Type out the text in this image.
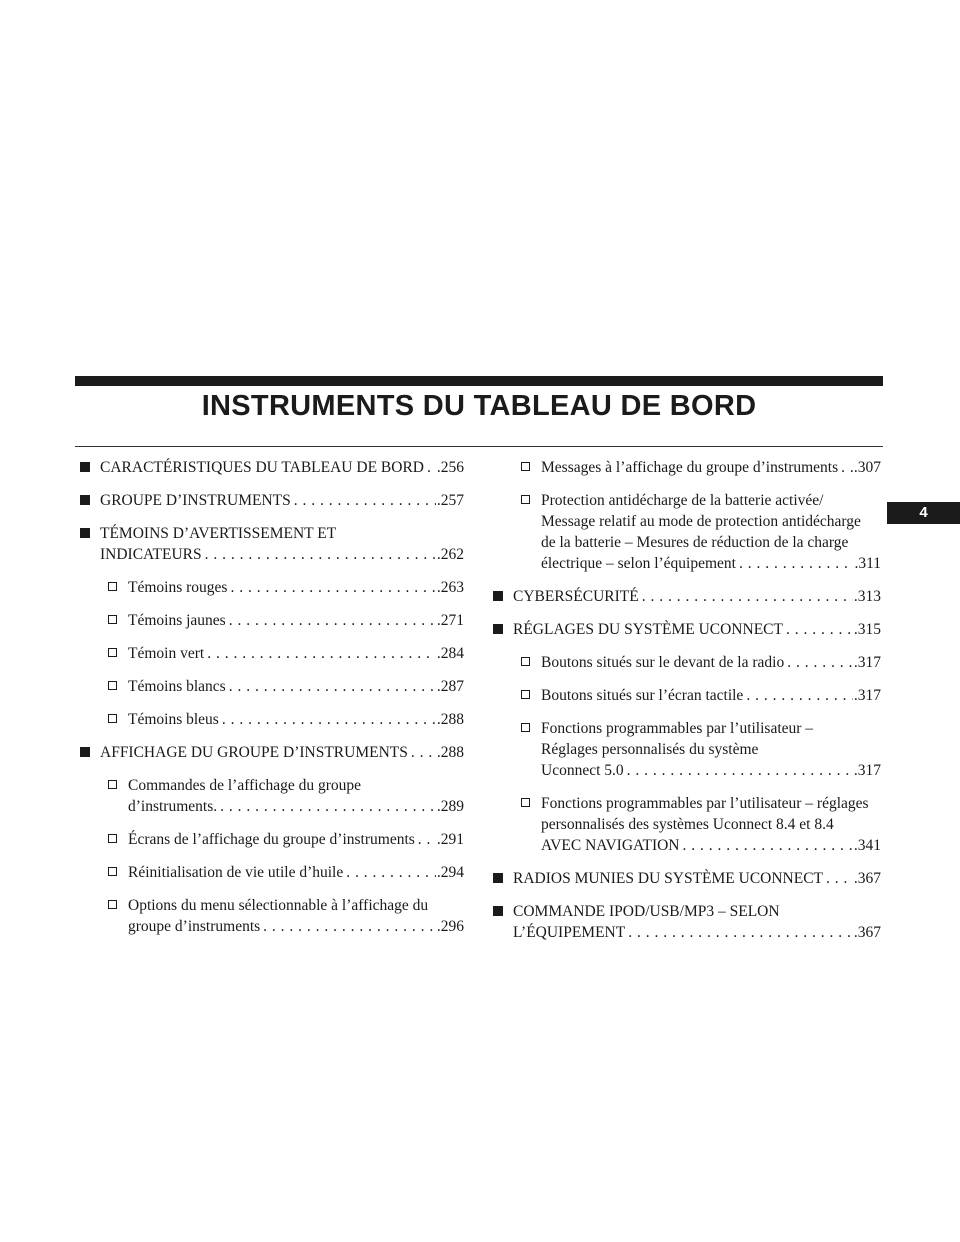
INSTRUMENTS DU TABLEAU DE BORD
4
CARACTÉRISTIQUES DU TABLEAU DE BORD . . . .256
GROUPE D’INSTRUMENTS . . .	.257
TÉMOINS D’AVERTISSEMENT ET
INDICATEURS . . .	.262
Témoins rouges . . .	.263
Témoins jaunes . . .	.271
Témoin vert . . .	.284
Témoins blancs . . .	.287
Témoins bleus . . .	.288
AFFICHAGE DU GROUPE D’INSTRUMENTS . . . .288
Commandes de l’affichage du groupe
d’instruments. . . .	.289
Écrans de l’affichage du groupe d’instruments . . . .291
Réinitialisation de vie utile d’huile . . .	.294
Options du menu sélectionnable à l’affichage du
groupe d’instruments . . .	.296
Messages à l’affichage du groupe d’instruments . . . .307
Protection antidécharge de la batterie activée/
Message relatif au mode de protection antidécharge
de la batterie – Mesures de réduction de la charge
électrique – selon l’équipement . . .	.311
CYBERSÉCURITÉ . . .	.313
RÉGLAGES DU SYSTÈME UCONNECT . . .	.315
Boutons situés sur le devant de la radio . . .	.317
Boutons situés sur l’écran tactile . . .	.317
Fonctions programmables par l’utilisateur –
Réglages personnalisés du système
Uconnect 5.0 . . .	.317
Fonctions programmables par l’utilisateur – réglages
personnalisés des systèmes Uconnect 8.4 et 8.4
AVEC NAVIGATION . . .	.341
RADIOS MUNIES DU SYSTÈME UCONNECT . . . .367
COMMANDE IPOD/USB/MP3 – SELON
L’ÉQUIPEMENT . . .	.367
